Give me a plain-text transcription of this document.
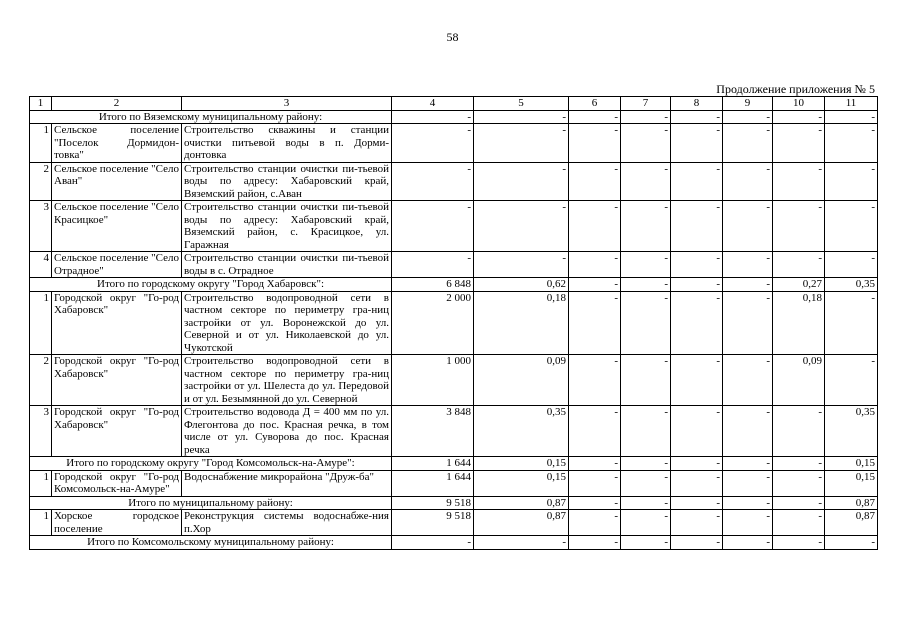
58
Продолжение приложения № 5
1	2	3	4	5	6	7	8	9	10	11
Итого по Вяземскому муниципальному району:			-	-	-	-	-	-	-	-
1	Сельское поселение "Поселок Дормидон-товка"	Строительство скважины и станции очистки питьевой воды в п. Дорми-донтовка	-	-	-	-	-	-	-	-
2	Сельское поселение "Село Аван"	Строительство станции очистки пи-тьевой воды по адресу: Хабаровский край, Вяземский район, с.Аван	-	-	-	-	-	-	-	-
3	Сельское поселение "Село Красицкое"	Строительство станции очистки пи-тьевой воды по адресу: Хабаровский край, Вяземский район, с. Красицкое, ул. Гаражная	-	-	-	-	-	-	-	-
4	Сельское поселение "Село Отрадное"	Строительство станции очистки пи-тьевой воды в с. Отрадное	-	-	-	-	-	-	-	-
Итого по городскому округу "Город Хабаровск":			6 848	0,62	-	-	-	-	0,27	0,35
1	Городской округ "Го-род Хабаровск"	Строительство водопроводной сети в частном секторе по периметру гра-ниц застройки от ул. Воронежской до ул. Северной и от ул. Николаевской до ул. Чукотской	2 000	0,18	-	-	-	-	0,18	-
2	Городской округ "Го-род Хабаровск"	Строительство водопроводной сети в частном секторе по периметру гра-ниц застройки от ул. Шелеста до ул. Передовой и от ул. Безымянной до ул. Северной	1 000	0,09	-	-	-	-	0,09	-
3	Городской округ "Го-род Хабаровск"	Строительство водовода Д = 400 мм по ул. Флегонтова до пос. Красная речка, в том числе от ул. Суворова до пос. Красная речка	3 848	0,35	-	-	-	-	-	0,35
Итого по городскому округу "Город Комсомольск-на-Амуре":			1 644	0,15	-	-	-	-	-	0,15
1	Городской округ "Го-род Комсомольск-на-Амуре"	Водоснабжение микрорайона "Друж-ба"	1 644	0,15	-	-	-	-	-	0,15
Итого по муниципальному району:			9 518	0,87	-	-	-	-	-	0,87
1	Хорское городское поселение	Реконструкция системы водоснабже-ния п.Хор	9 518	0,87	-	-	-	-	-	0,87
Итого по Комсомольскому муниципальному району:			-	-	-	-	-	-	-	-
